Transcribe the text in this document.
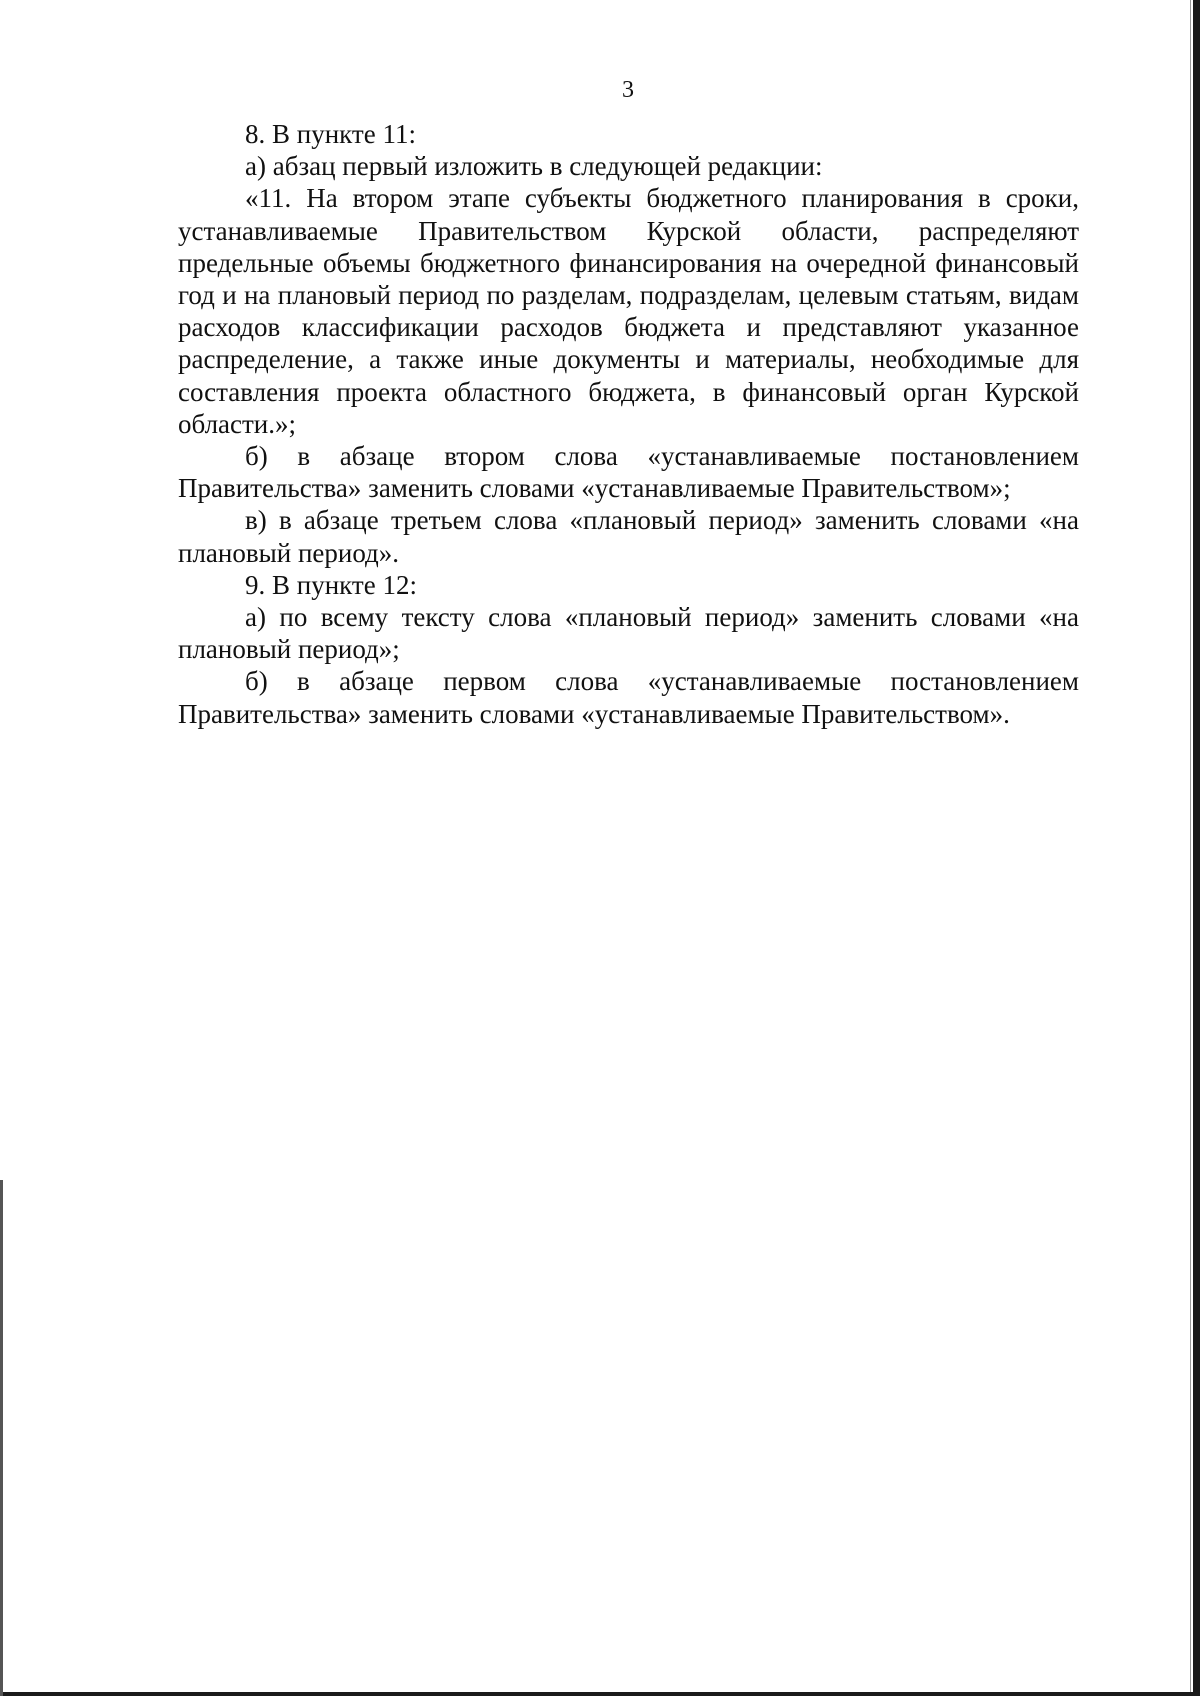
3

8. В пункте 11:

а) абзац первый изложить в следующей редакции:

«11. На втором этапе субъекты бюджетного планирования в сроки, устанавливаемые Правительством Курской области, распределяют предельные объемы бюджетного финансирования на очередной финансовый год и на плановый период по разделам, подразделам, целевым статьям, видам расходов классификации расходов бюджета и представляют указанное распределение, а также иные документы и материалы, необходимые для составления проекта областного бюджета, в финансовый орган Курской области.»;

б) в абзаце втором слова «устанавливаемые постановлением Правительства» заменить словами «устанавливаемые Правительством»;

в) в абзаце третьем слова «плановый период» заменить словами «на плановый период».

9. В пункте 12:

а) по всему тексту слова «плановый период» заменить словами «на плановый период»;

б) в абзаце первом слова «устанавливаемые постановлением Правительства» заменить словами «устанавливаемые Правительством».
